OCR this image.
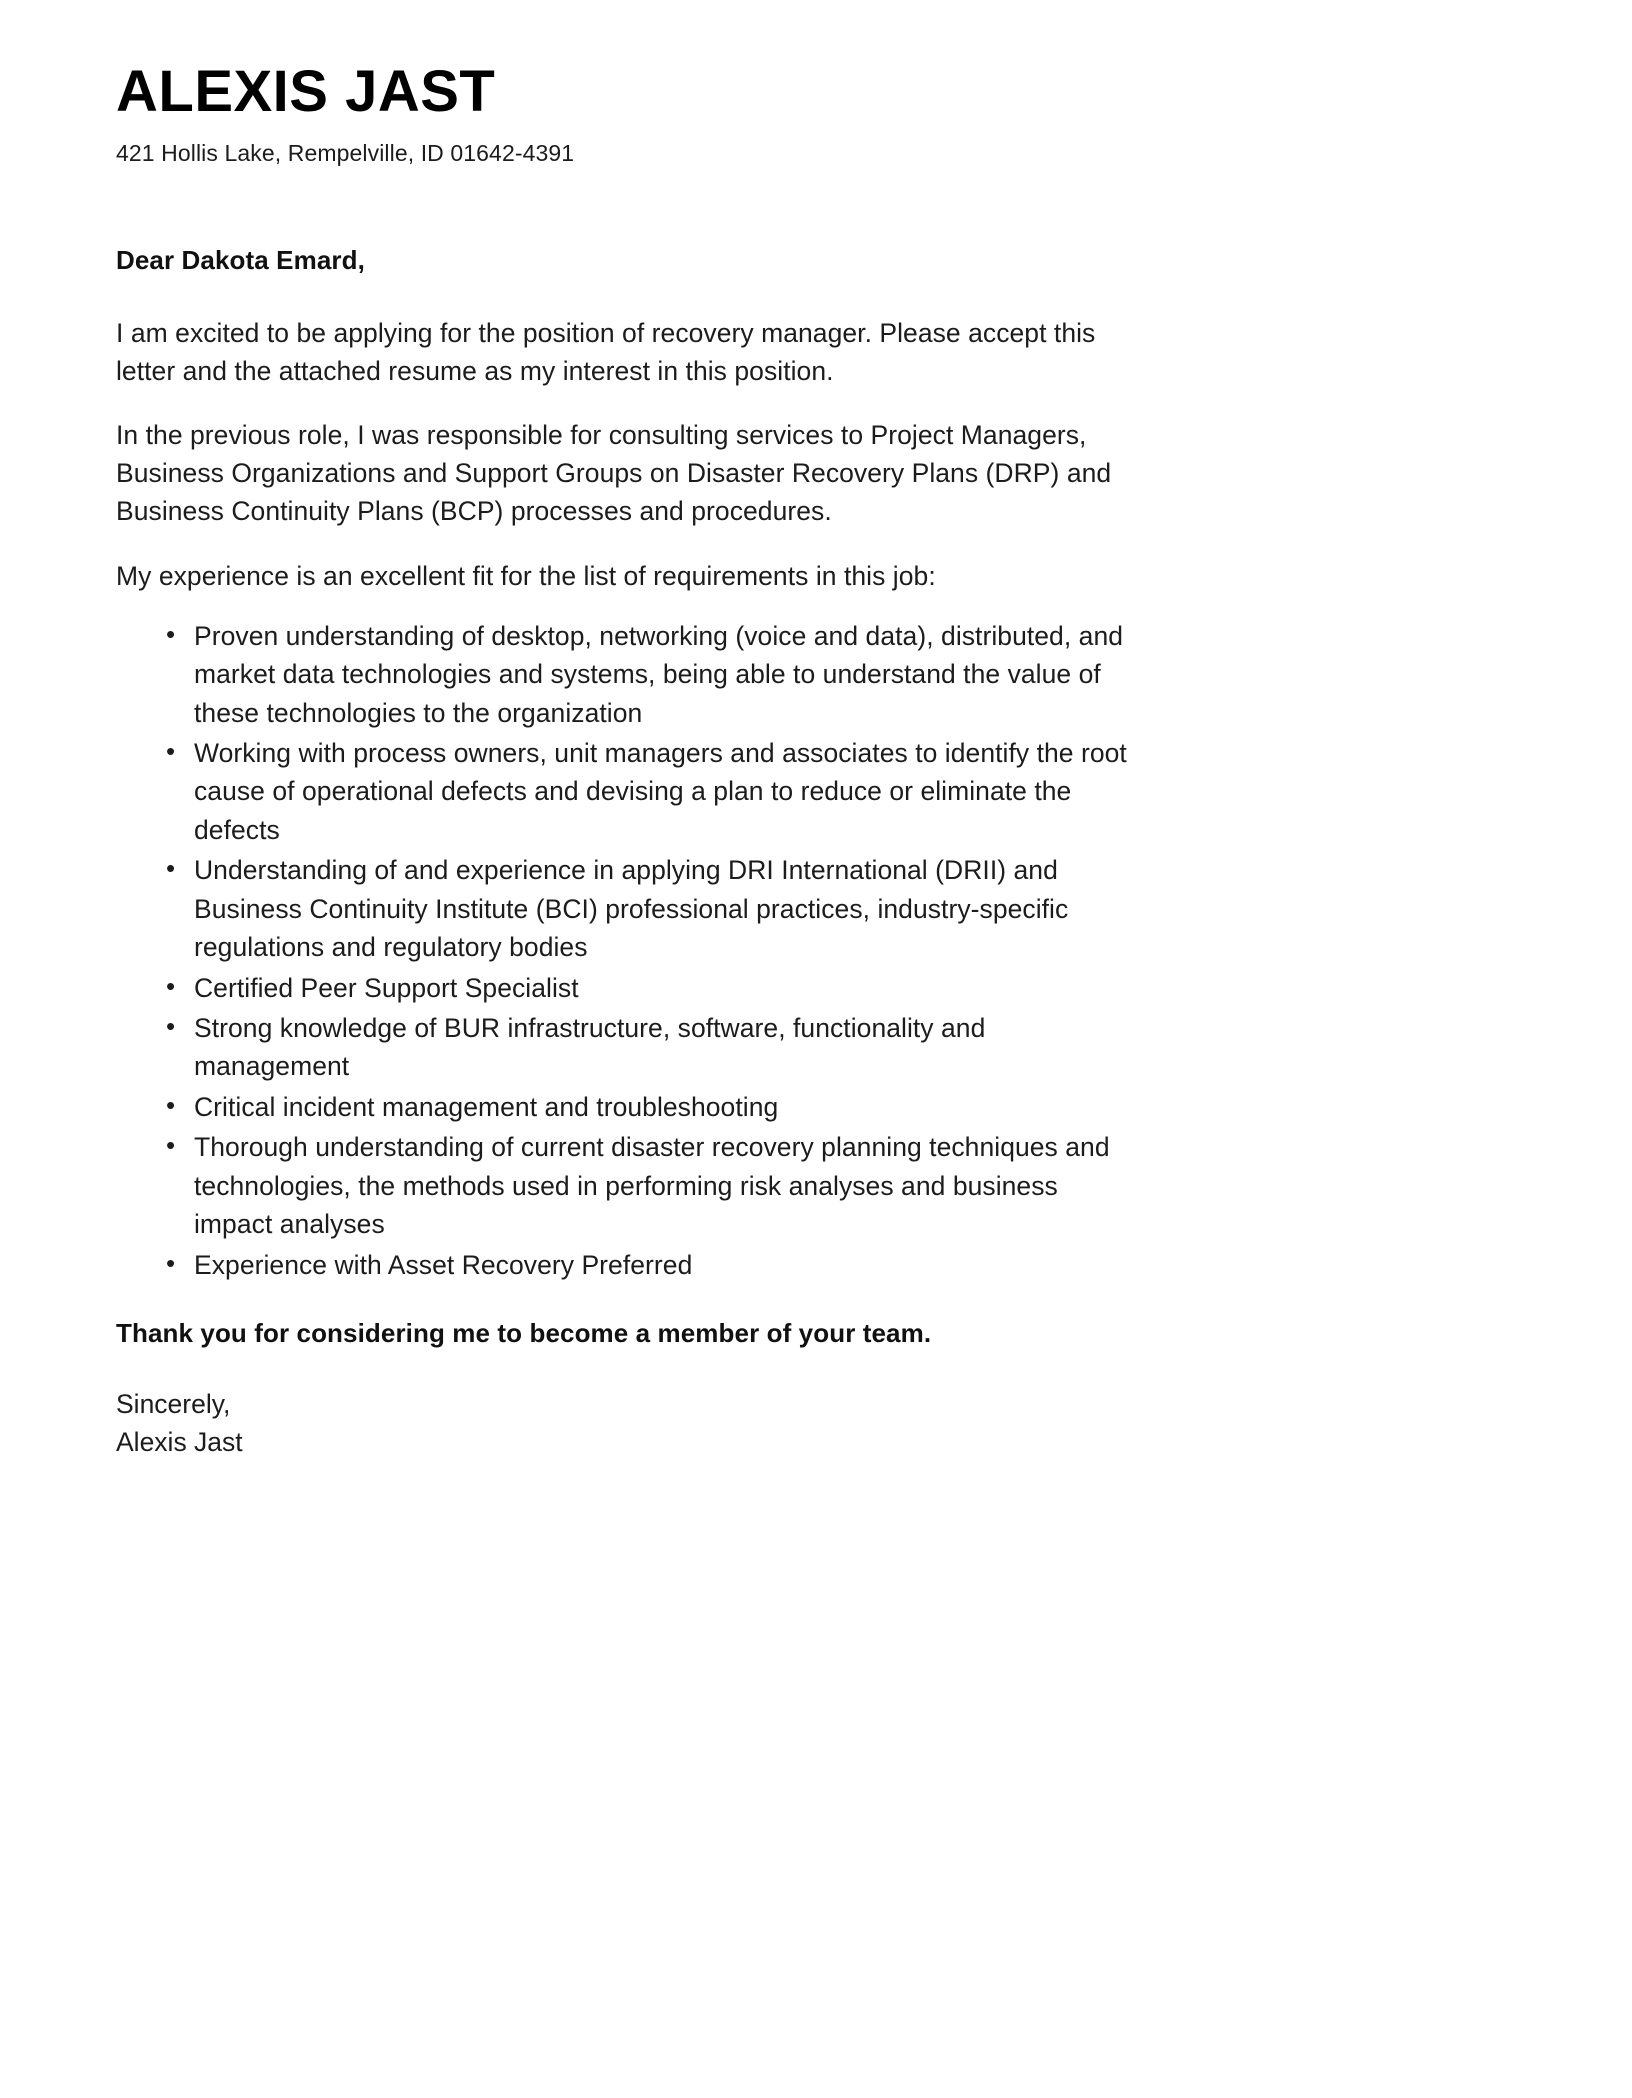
ALEXIS JAST
421 Hollis Lake, Rempelville, ID 01642-4391

Dear Dakota Emard,

I am excited to be applying for the position of recovery manager. Please accept this letter and the attached resume as my interest in this position.

In the previous role, I was responsible for consulting services to Project Managers, Business Organizations and Support Groups on Disaster Recovery Plans (DRP) and Business Continuity Plans (BCP) processes and procedures.

My experience is an excellent fit for the list of requirements in this job:

• Proven understanding of desktop, networking (voice and data), distributed, and market data technologies and systems, being able to understand the value of these technologies to the organization
• Working with process owners, unit managers and associates to identify the root cause of operational defects and devising a plan to reduce or eliminate the defects
• Understanding of and experience in applying DRI International (DRII) and Business Continuity Institute (BCI) professional practices, industry-specific regulations and regulatory bodies
• Certified Peer Support Specialist
• Strong knowledge of BUR infrastructure, software, functionality and management
• Critical incident management and troubleshooting
• Thorough understanding of current disaster recovery planning techniques and technologies, the methods used in performing risk analyses and business impact analyses
• Experience with Asset Recovery Preferred

Thank you for considering me to become a member of your team.

Sincerely,
Alexis Jast
